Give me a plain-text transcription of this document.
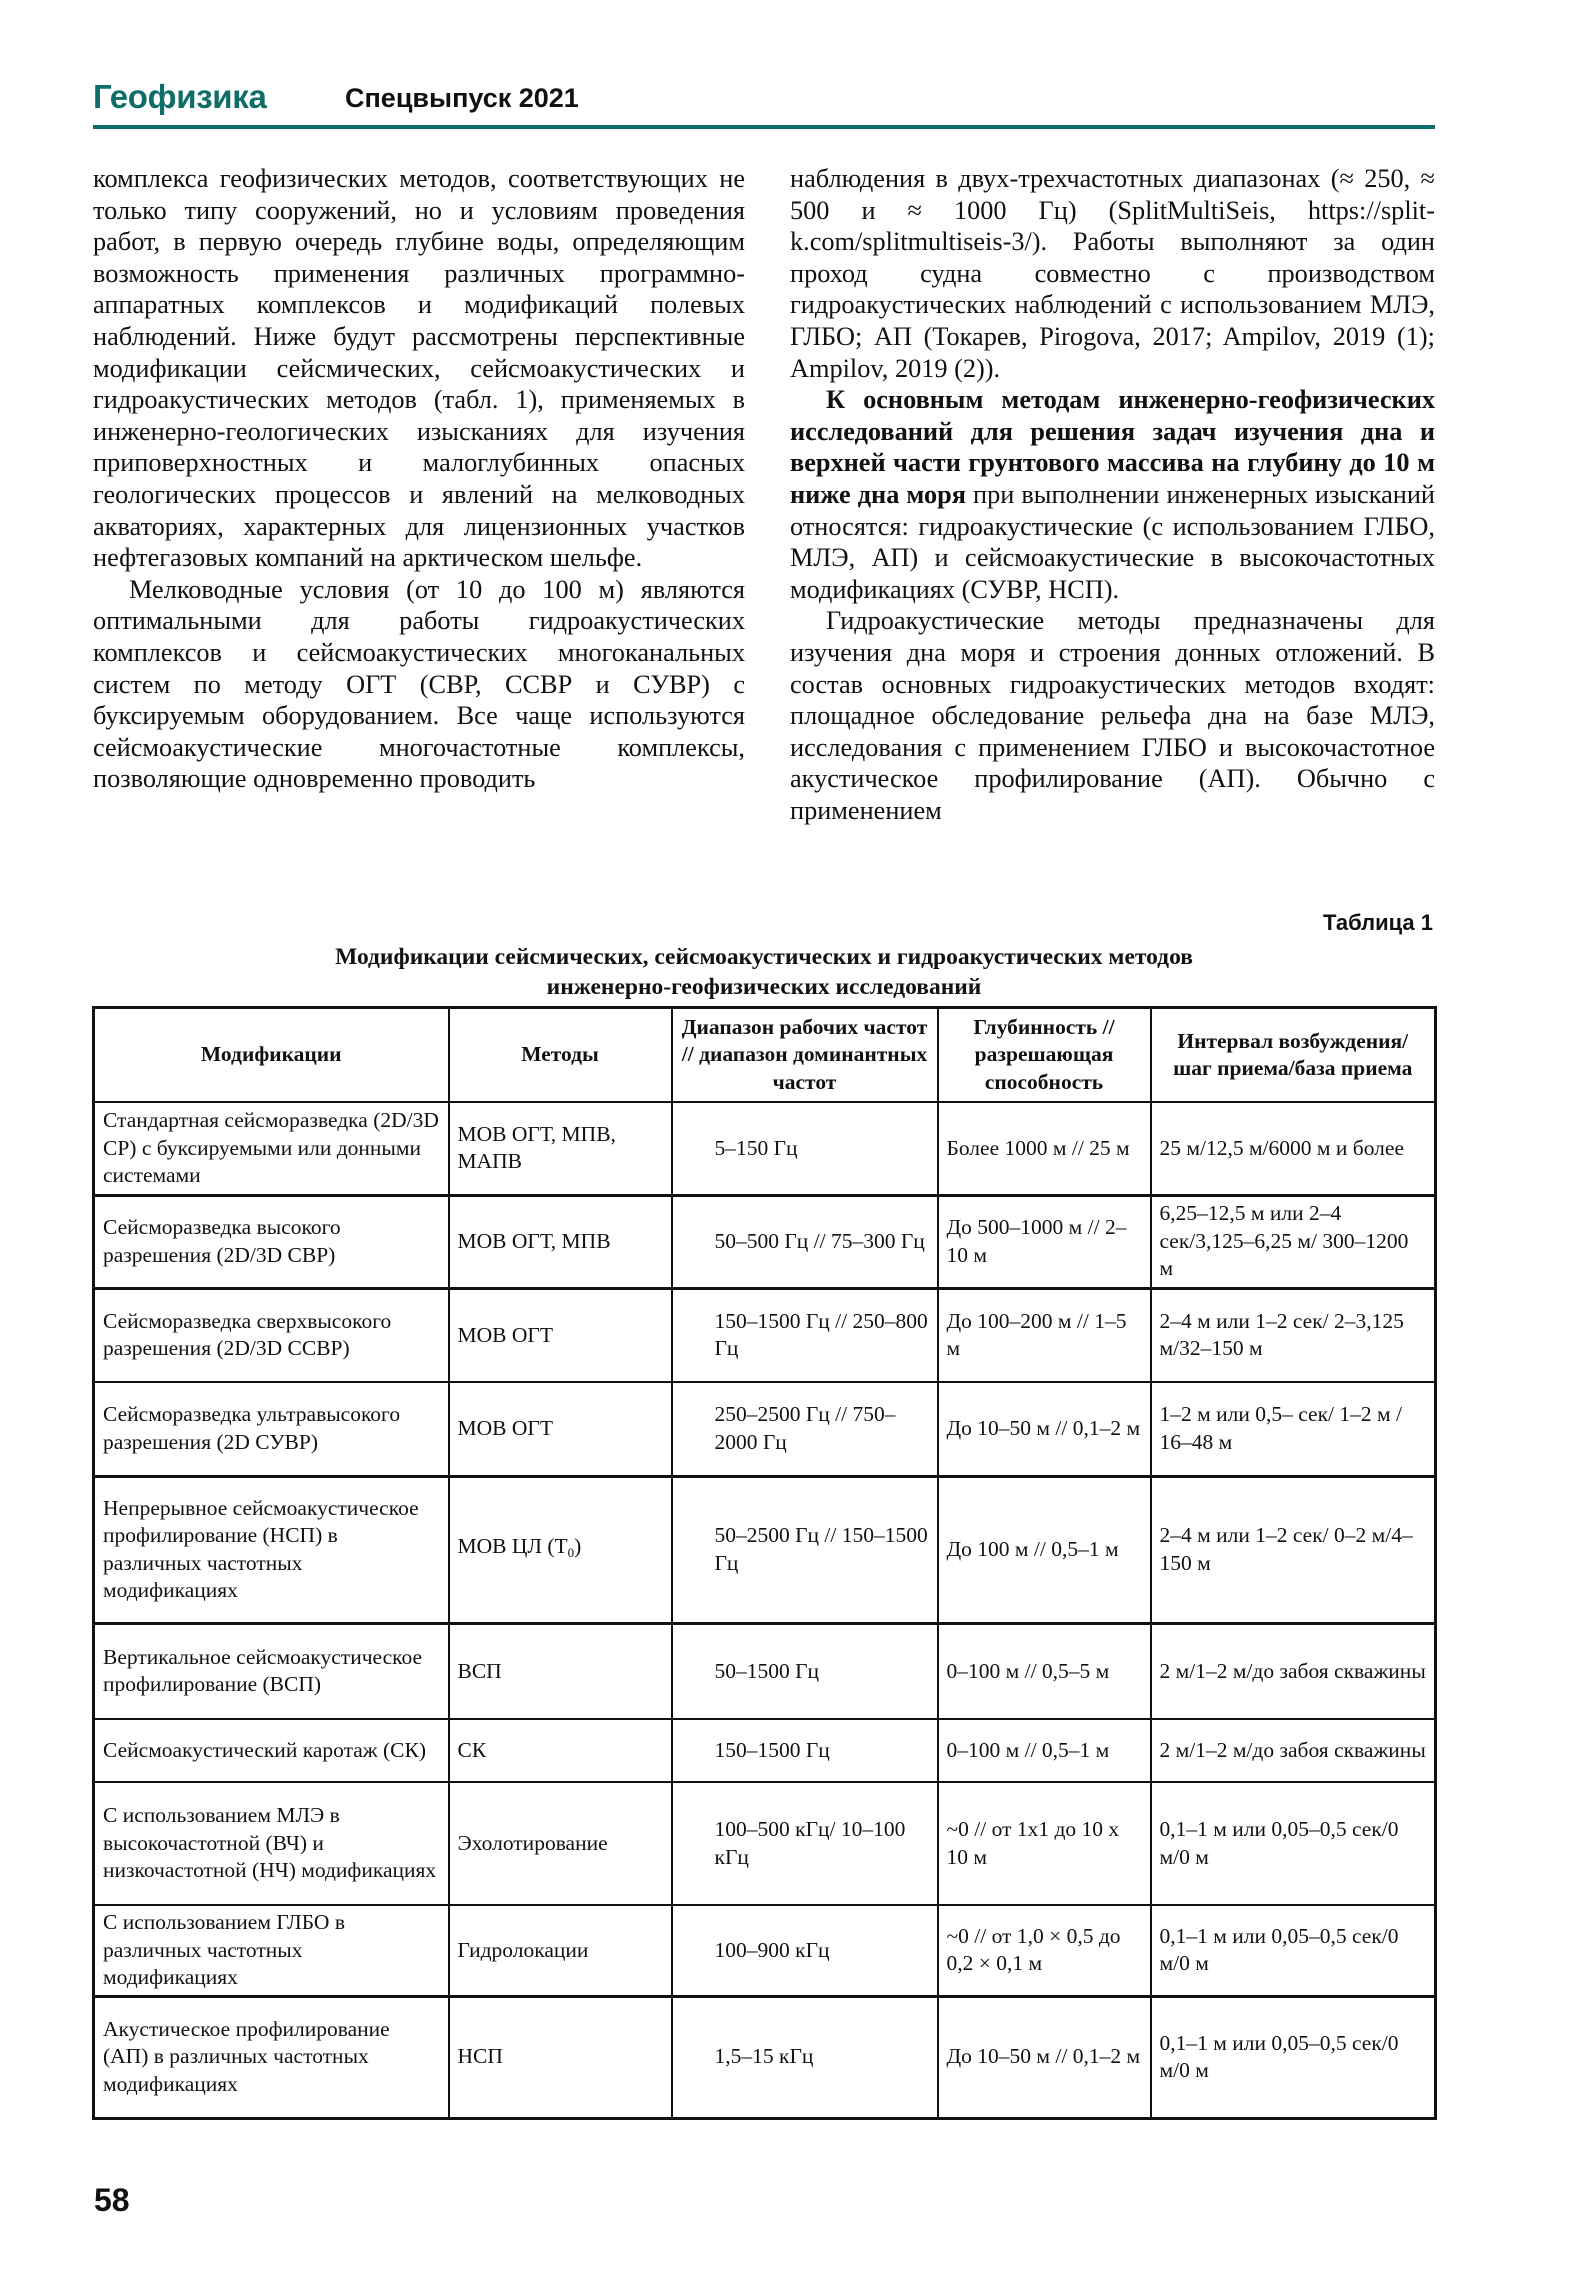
Геофизика	Спецвыпуск 2021

комплекса геофизических методов, соответствующих не только типу сооружений, но и условиям проведения работ, в первую очередь глубине воды, определяющим возможность применения различных программно-аппаратных комплексов и модификаций полевых наблюдений. Ниже будут рассмотрены перспективные модификации сейсмических, сейсмоакустических и гидроакустических методов (табл. 1), применяемых в инженерно-геологических изысканиях для изучения приповерхностных и малоглубинных опасных геологических процессов и явлений на мелководных акваториях, характерных для лицензионных участков нефтегазовых компаний на арктическом шельфе.

Мелководные условия (от 10 до 100 м) являются оптимальными для работы гидроакустических комплексов и сейсмоакустических многоканальных систем по методу ОГТ (СВР, ССВР и СУВР) с буксируемым оборудованием. Все чаще используются сейсмоакустические многочастотные комплексы, позволяющие одновременно проводить

наблюдения в двух-трехчастотных диапазонах (≈ 250, ≈ 500 и ≈ 1000 Гц) (SplitMultiSeis, https://split-k.com/splitmultiseis-3/). Работы выполняют за один проход судна совместно с производством гидроакустических наблюдений с использованием МЛЭ, ГЛБО; АП (Токарев, Pirogova, 2017; Ampilov, 2019 (1); Ampilov, 2019 (2)).

К основным методам инженерно-геофизических исследований для решения задач изучения дна и верхней части грунтового массива на глубину до 10 м ниже дна моря при выполнении инженерных изысканий относятся: гидроакустические (с использованием ГЛБО, МЛЭ, АП) и сейсмоакустические в высокочастотных модификациях (СУВР, НСП).

Гидроакустические методы предназначены для изучения дна моря и строения донных отложений. В состав основных гидроакустических методов входят: площадное обследование рельефа дна на базе МЛЭ, исследования с применением ГЛБО и высокочастотное акустическое профилирование (АП). Обычно с применением

Таблица 1
Модификации сейсмических, сейсмоакустических и гидроакустических методов
инженерно-геофизических исследований
Модификации	Методы	Диапазон рабочих частот // диапазон доминантных частот	Глубинность // разрешающая способность	Интервал возбуждения/шаг приема/база приема
Стандартная сейсморазведка (2D/3D СР) с буксируемыми или донными системами	МОВ ОГТ, МПВ, МАПВ	5–150 Гц	Более 1000 м // 25 м	25 м/12,5 м/6000 м и более
Сейсморазведка высокого разрешения (2D/3D СВР)	МОВ ОГТ, МПВ	50–500 Гц // 75–300 Гц	До 500–1000 м // 2–10 м	6,25–12,5 м или 2–4 сек/3,125–6,25 м/ 300–1200 м
Сейсморазведка сверхвысокого разрешения (2D/3D ССВР)	МОВ ОГТ	150–1500 Гц // 250–800 Гц	До 100–200 м // 1–5 м	2–4 м или 1–2 сек/ 2–3,125 м/32–150 м
Сейсморазведка ультравысокого разрешения (2D СУВР)	МОВ ОГТ	250–2500 Гц // 750–2000 Гц	До 10–50 м // 0,1–2 м	1–2 м или 0,5– сек/ 1–2 м / 16–48 м
Непрерывное сейсмоакустическое профилирование (НСП) в различных частотных модификациях	МОВ ЦЛ $(T_0)$	50–2500 Гц // 150–1500 Гц	До 100 м // 0,5–1 м	2–4 м или 1–2 сек/ 0–2 м/4–150 м
Вертикальное сейсмоакустическое профилирование (ВСП)	ВСП	50–1500 Гц	0–100 м // 0,5–5 м	2 м/1–2 м/до забоя скважины
Сейсмоакустический каротаж (СК)	СК	150–1500 Гц	0–100 м // 0,5–1 м	2 м/1–2 м/до забоя скважины
С использованием МЛЭ в высокочастотной (ВЧ) и низкочастотной (НЧ) модификациях	Эхолотирование	100–500 кГц/ 10–100 кГц	~0 // от 1х1 до 10 х 10 м	0,1–1 м или 0,05–0,5 сек/0 м/0 м
С использованием ГЛБО в различных частотных модификациях	Гидролокации	100–900 кГц	~0 // от 1,0 × 0,5 до 0,2 × 0,1 м	0,1–1 м или 0,05–0,5 сек/0 м/0 м
Акустическое профилирование (АП) в различных частотных модификациях	НСП	1,5–15 кГц	До 10–50 м // 0,1–2 м	0,1–1 м или 0,05–0,5 сек/0 м/0 м
58
